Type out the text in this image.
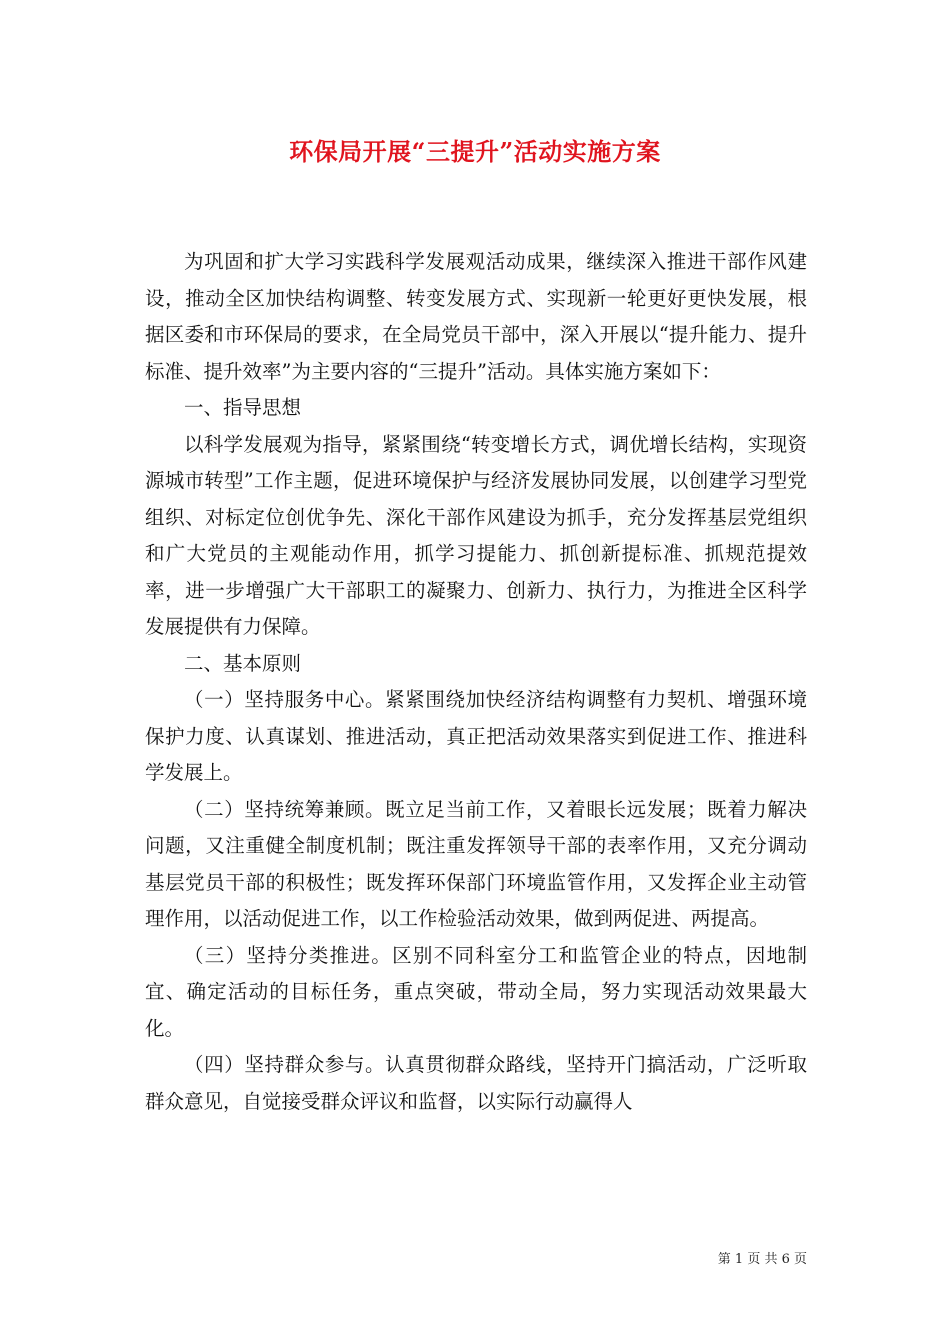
环保局开展“三提升”活动实施方案

为巩固和扩大学习实践科学发展观活动成果，继续深入推进干部作风建设，推动全区加快结构调整、转变发展方式、实现新一轮更好更快发展，根据区委和市环保局的要求，在全局党员干部中，深入开展以“提升能力、提升标准、提升效率”为主要内容的“三提升”活动。具体实施方案如下：

一、指导思想

以科学发展观为指导，紧紧围绕“转变增长方式，调优增长结构，实现资源城市转型”工作主题，促进环境保护与经济发展协同发展，以创建学习型党组织、对标定位创优争先、深化干部作风建设为抓手，充分发挥基层党组织和广大党员的主观能动作用，抓学习提能力、抓创新提标准、抓规范提效率，进一步增强广大干部职工的凝聚力、创新力、执行力，为推进全区科学发展提供有力保障。

二、基本原则

（一）坚持服务中心。紧紧围绕加快经济结构调整有力契机、增强环境保护力度、认真谋划、推进活动，真正把活动效果落实到促进工作、推进科学发展上。

（二）坚持统筹兼顾。既立足当前工作，又着眼长远发展；既着力解决问题，又注重健全制度机制；既注重发挥领导干部的表率作用，又充分调动基层党员干部的积极性；既发挥环保部门环境监管作用，又发挥企业主动管理作用，以活动促进工作，以工作检验活动效果，做到两促进、两提高。

（三）坚持分类推进。区别不同科室分工和监管企业的特点，因地制宜、确定活动的目标任务，重点突破，带动全局，努力实现活动效果最大化。

（四）坚持群众参与。认真贯彻群众路线，坚持开门搞活动，广泛听取群众意见，自觉接受群众评议和监督，以实际行动赢得人

第 1 页 共 6 页
